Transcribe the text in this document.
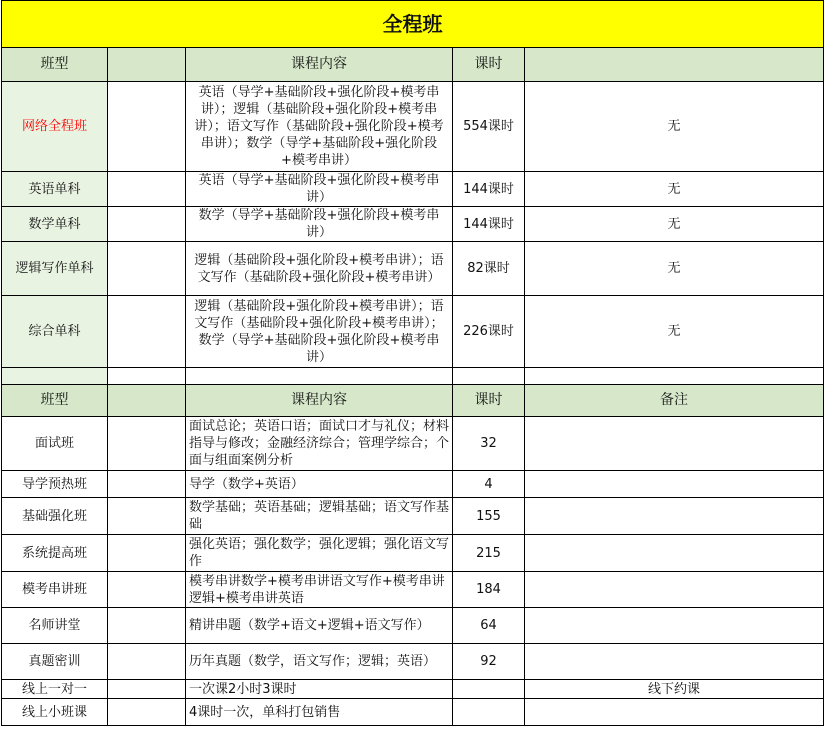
全程班				
班型		课程内容	课时	
网络全程班		英语（导学+基础阶段+强化阶段+模考串讲）；逻辑（基础阶段+强化阶段+模考串讲）；语文写作（基础阶段+强化阶段+模考串讲）；数学（导学+基础阶段+强化阶段+模考串讲）	554课时	无
英语单科		英语（导学+基础阶段+强化阶段+模考串讲）	144课时	无
数学单科		数学（导学+基础阶段+强化阶段+模考串讲）	144课时	无
逻辑写作单科		逻辑（基础阶段+强化阶段+模考串讲）；语文写作（基础阶段+强化阶段+模考串讲）	82课时	无
综合单科		逻辑（基础阶段+强化阶段+模考串讲）；语文写作（基础阶段+强化阶段+模考串讲）；数学（导学+基础阶段+强化阶段+模考串讲）	226课时	无

班型		课程内容	课时	备注
面试班		面试总论；英语口语；面试口才与礼仪；材料指导与修改；金融经济综合；管理学综合；个面与组面案例分析	32	
导学预热班		导学（数学+英语）	4	
基础强化班		数学基础；英语基础；逻辑基础；语文写作基础	155	
系统提高班		强化英语；强化数学；强化逻辑；强化语文写作	215	
模考串讲班		模考串讲数学+模考串讲语文写作+模考串讲逻辑+模考串讲英语	184	
名师讲堂		精讲串题（数学+语文+逻辑+语文写作）	64	
真题密训		历年真题（数学，语文写作；逻辑；英语）	92	
线上一对一		一次课2小时3课时		线下约课
线上小班课		4课时一次，单科打包销售		
